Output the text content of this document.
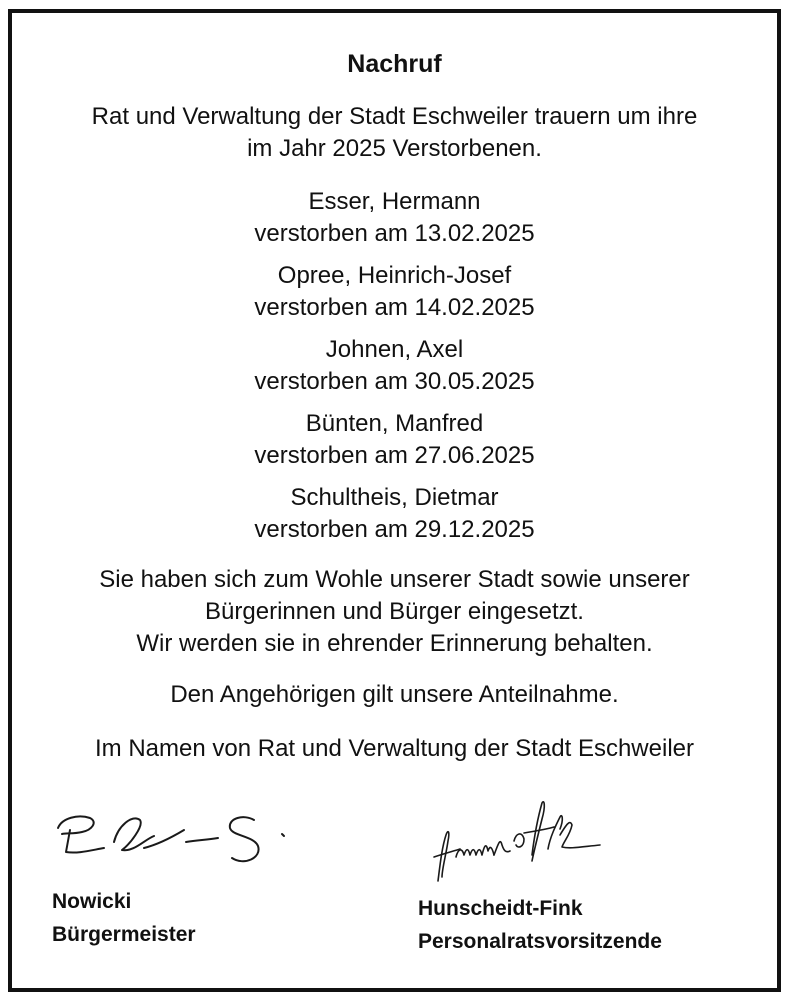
Nachruf

Rat und Verwaltung der Stadt Eschweiler trauern um ihre
im Jahr 2025 Verstorbenen.

Esser, Hermann
verstorben am 13.02.2025
Opree, Heinrich-Josef
verstorben am 14.02.2025
Johnen, Axel
verstorben am 30.05.2025
Bünten, Manfred
verstorben am 27.06.2025
Schultheis, Dietmar
verstorben am 29.12.2025

Sie haben sich zum Wohle unserer Stadt sowie unserer
Bürgerinnen und Bürger eingesetzt.
Wir werden sie in ehrender Erinnerung behalten.

Den Angehörigen gilt unsere Anteilnahme.

Im Namen von Rat und Verwaltung der Stadt Eschweiler

Nowicki
Bürgermeister
Hunscheidt-Fink
Personalratsvorsitzende
